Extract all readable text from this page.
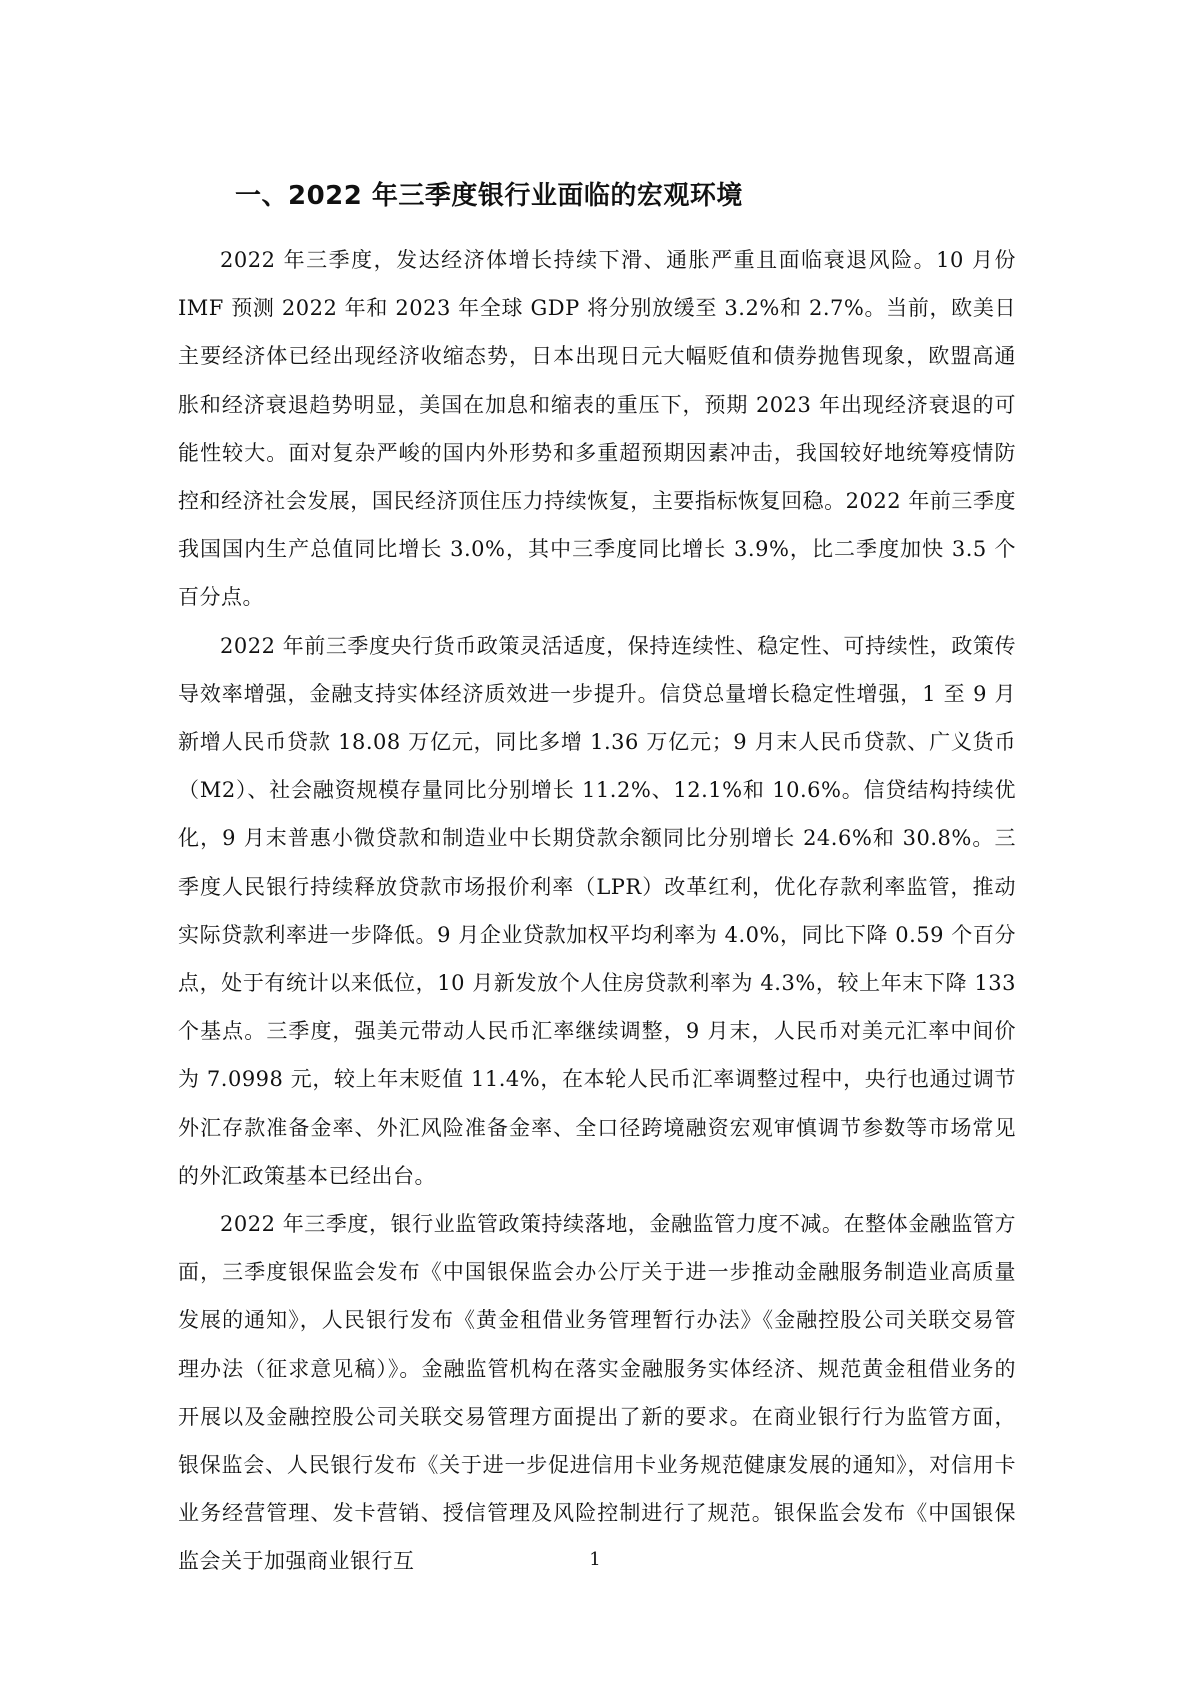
一、2022 年三季度银行业面临的宏观环境

2022 年三季度，发达经济体增长持续下滑、通胀严重且面临衰退风险。10 月份 IMF 预测 2022 年和 2023 年全球 GDP 将分别放缓至 3.2%和 2.7%。当前，欧美日主要经济体已经出现经济收缩态势，日本出现日元大幅贬值和债券抛售现象，欧盟高通胀和经济衰退趋势明显，美国在加息和缩表的重压下，预期 2023 年出现经济衰退的可能性较大。面对复杂严峻的国内外形势和多重超预期因素冲击，我国较好地统筹疫情防控和经济社会发展，国民经济顶住压力持续恢复，主要指标恢复回稳。2022 年前三季度我国国内生产总值同比增长 3.0%，其中三季度同比增长 3.9%，比二季度加快 3.5 个百分点。

2022 年前三季度央行货币政策灵活适度，保持连续性、稳定性、可持续性，政策传导效率增强，金融支持实体经济质效进一步提升。信贷总量增长稳定性增强，1 至 9 月新增人民币贷款 18.08 万亿元，同比多增 1.36 万亿元；9 月末人民币贷款、广义货币（M2）、社会融资规模存量同比分别增长 11.2%、12.1%和 10.6%。信贷结构持续优化，9 月末普惠小微贷款和制造业中长期贷款余额同比分别增长 24.6%和 30.8%。三季度人民银行持续释放贷款市场报价利率（LPR）改革红利，优化存款利率监管，推动实际贷款利率进一步降低。9 月企业贷款加权平均利率为 4.0%，同比下降 0.59 个百分点，处于有统计以来低位，10 月新发放个人住房贷款利率为 4.3%，较上年末下降 133 个基点。三季度，强美元带动人民币汇率继续调整，9 月末，人民币对美元汇率中间价为 7.0998 元，较上年末贬值 11.4%，在本轮人民币汇率调整过程中，央行也通过调节外汇存款准备金率、外汇风险准备金率、全口径跨境融资宏观审慎调节参数等市场常见的外汇政策基本已经出台。

2022 年三季度，银行业监管政策持续落地，金融监管力度不减。在整体金融监管方面，三季度银保监会发布《中国银保监会办公厅关于进一步推动金融服务制造业高质量发展的通知》，人民银行发布《黄金租借业务管理暂行办法》《金融控股公司关联交易管理办法（征求意见稿）》。金融监管机构在落实金融服务实体经济、规范黄金租借业务的开展以及金融控股公司关联交易管理方面提出了新的要求。在商业银行行为监管方面，银保监会、人民银行发布《关于进一步促进信用卡业务规范健康发展的通知》，对信用卡业务经营管理、发卡营销、授信管理及风险控制进行了规范。银保监会发布《中国银保监会关于加强商业银行互	1
